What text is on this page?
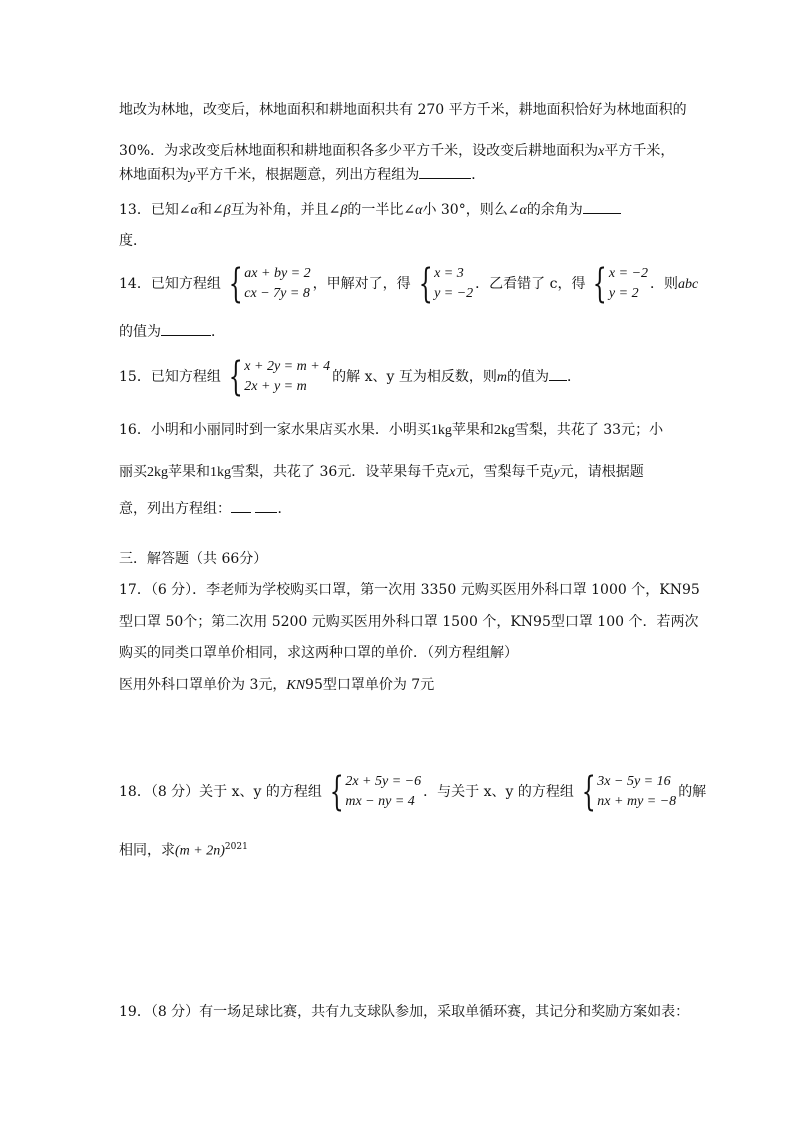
地改为林地，改变后，林地面积和耕地面积共有 270 平方千米，耕地面积恰好为林地面积的
30%．为求改变后林地面积和耕地面积各多少平方千米，设改变后耕地面积为x平方千米，
林地面积为y平方千米，根据题意，列出方程组为	．
13．已知∠α和∠β互为补角，并且∠β的一半比∠α小 30°，则么∠α的余角为
度．
14．已知方程组 { ax + by = 2
cx − 7y = 8
，甲解对了，得 { x = 3
y = −2
．乙看错了 c，得 { x = −2
y = 2
．则abc
的值为	．
15．已知方程组 { x + 2y = m + 4
2x + y = m
的解 x、y 互为相反数，则m的值为 ．
16．小明和小丽同时到一家水果店买水果．小明买1kg苹果和2kg雪梨，共花了 33元；小
丽买2kg苹果和1kg雪梨，共花了 36元．设苹果每千克x元，雪梨每千克y元，请根据题
意，列出方程组：	．
三．解答题（共 66分）
17．（6 分）．李老师为学校购买口罩，第一次用 3350 元购买医用外科口罩 1000 个，KN95
型口罩 50个；第二次用 5200 元购买医用外科口罩 1500 个，KN95型口罩 100 个．若两次
购买的同类口罩单价相同，求这两种口罩的单价．（列方程组解）
医用外科口罩单价为 3元，KN95型口罩单价为 7元
18．（8 分）关于 x、y 的方程组 { 2x + 5y = −6
mx − ny = 4
．与关于 x、y 的方程组 { 3x − 5y = 16
nx + my = −8
的解
相同，求$(m + 2n)^{2021}$
19．（8 分）有一场足球比赛，共有九支球队参加，采取单循环赛，其记分和奖励方案如表：
